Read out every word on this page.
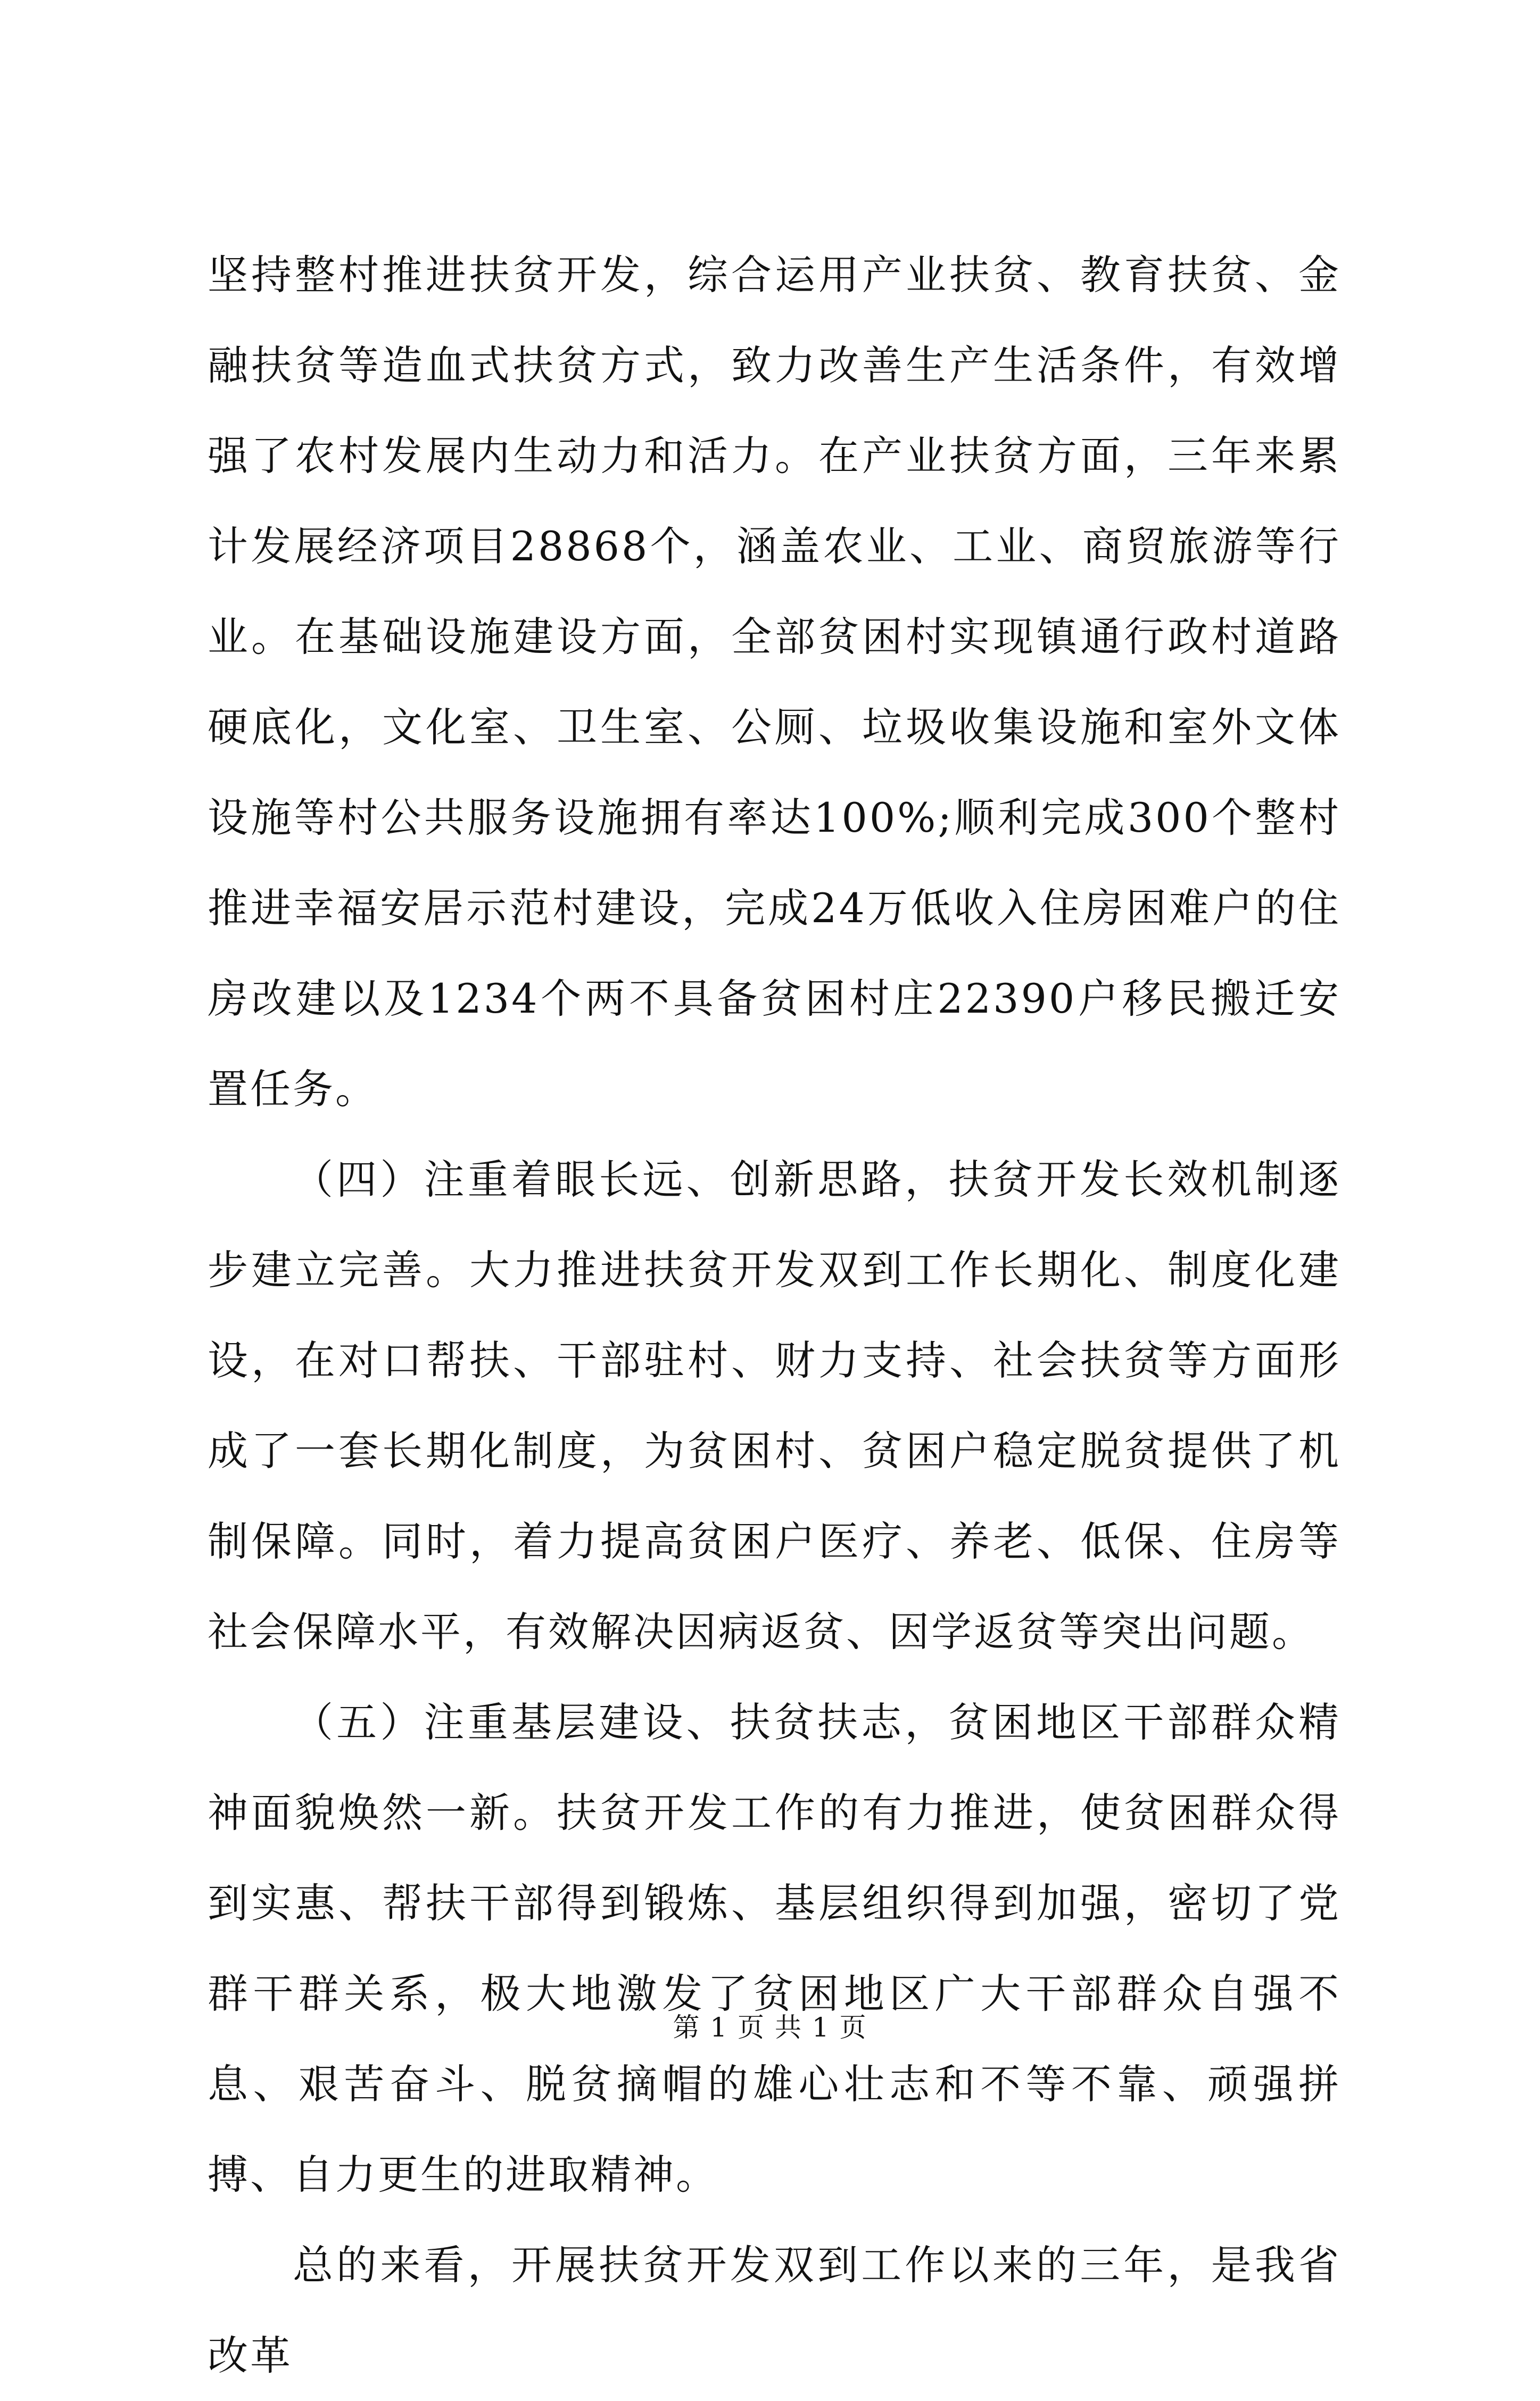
坚持整村推进扶贫开发，综合运用产业扶贫、教育扶贫、金融扶贫等造血式扶贫方式，致力改善生产生活条件，有效增强了农村发展内生动力和活力。在产业扶贫方面，三年来累计发展经济项目28868个，涵盖农业、工业、商贸旅游等行业。在基础设施建设方面，全部贫困村实现镇通行政村道路硬底化，文化室、卫生室、公厕、垃圾收集设施和室外文体设施等村公共服务设施拥有率达100%;顺利完成300个整村推进幸福安居示范村建设，完成24万低收入住房困难户的住房改建以及1234个两不具备贫困村庄22390户移民搬迁安置任务。

（四）注重着眼长远、创新思路，扶贫开发长效机制逐步建立完善。大力推进扶贫开发双到工作长期化、制度化建设，在对口帮扶、干部驻村、财力支持、社会扶贫等方面形成了一套长期化制度，为贫困村、贫困户稳定脱贫提供了机制保障。同时，着力提高贫困户医疗、养老、低保、住房等社会保障水平，有效解决因病返贫、因学返贫等突出问题。

（五）注重基层建设、扶贫扶志，贫困地区干部群众精神面貌焕然一新。扶贫开发工作的有力推进，使贫困群众得到实惠、帮扶干部得到锻炼、基层组织得到加强，密切了党群干群关系，极大地激发了贫困地区广大干部群众自强不息、艰苦奋斗、脱贫摘帽的雄心壮志和不等不靠、顽强拼搏、自力更生的进取精神。

总的来看，开展扶贫开发双到工作以来的三年，是我省改革

第 1 页 共 1 页
